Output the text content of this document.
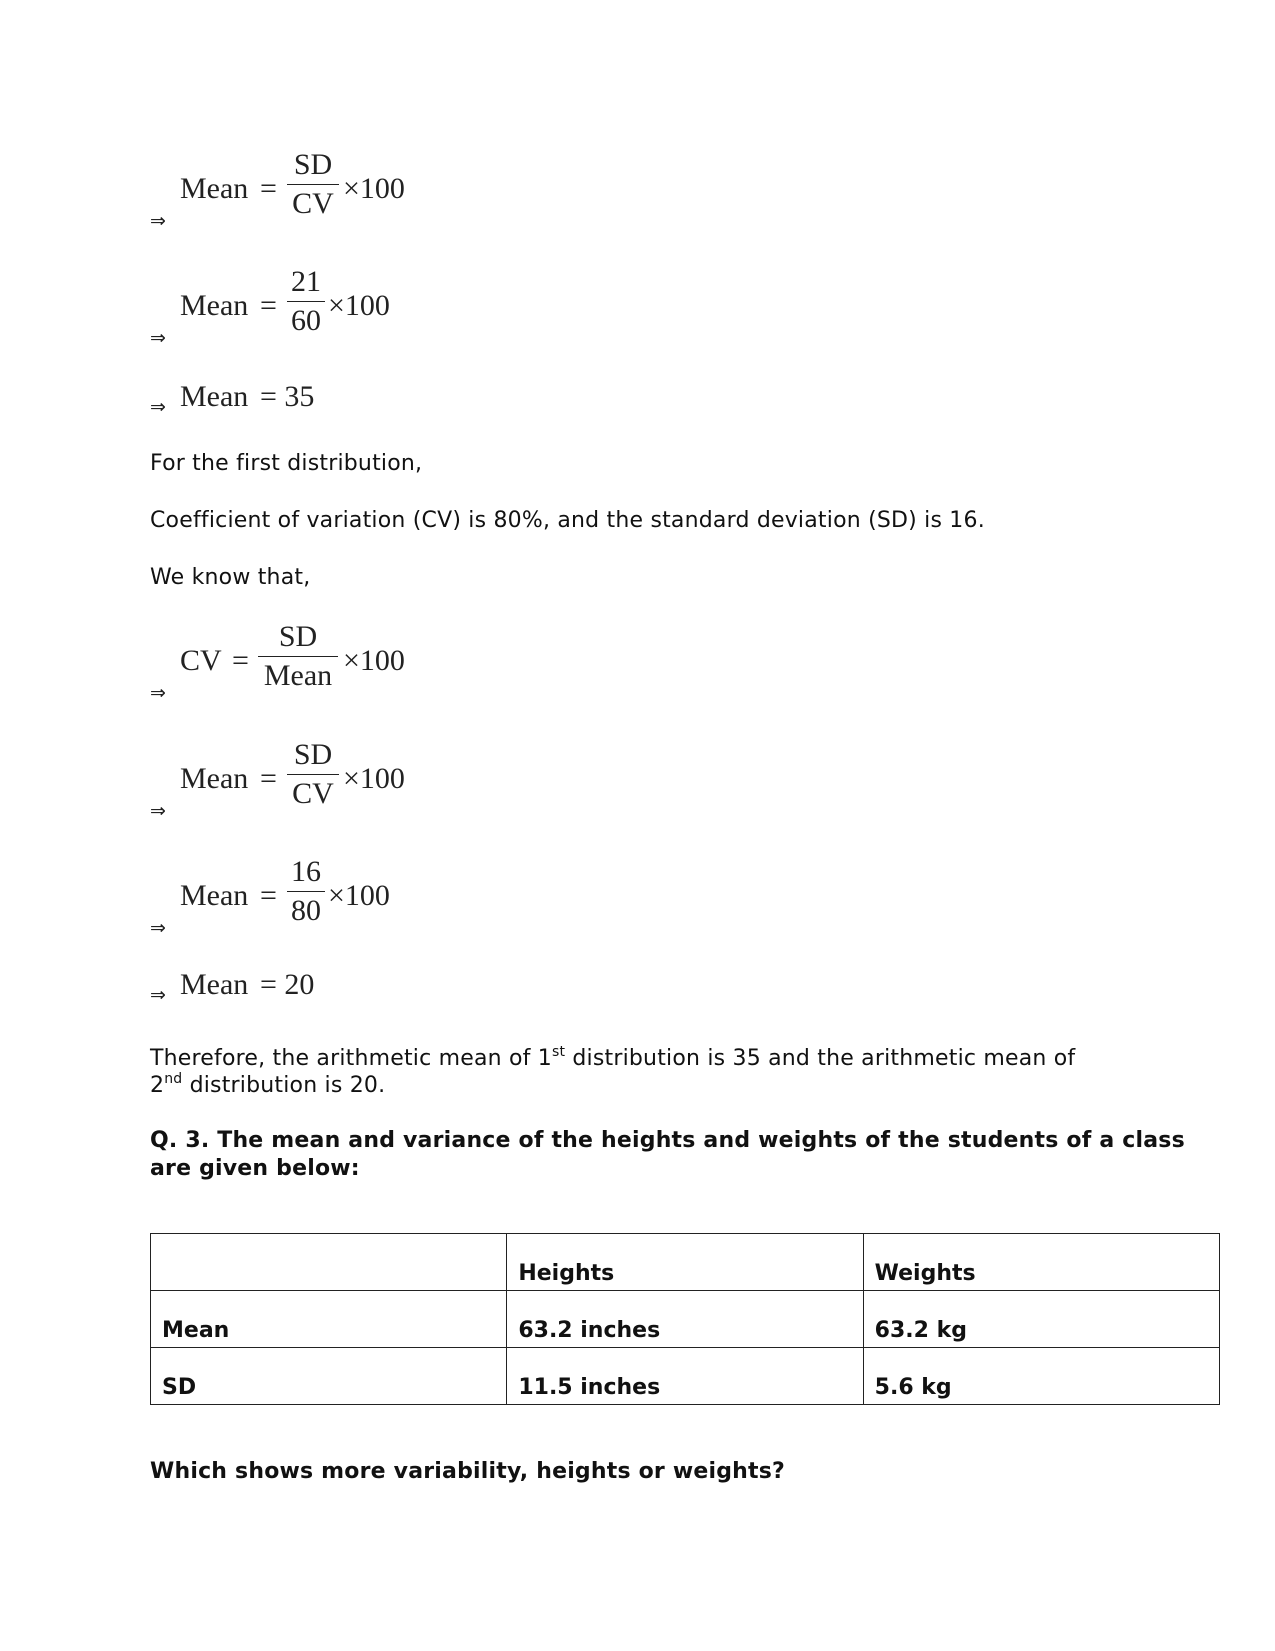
Mean =
SD
CV ×100
⇒
Mean =
21
60 ×100
⇒
⇒ Mean = 35
For the first distribution,
Coefficient of variation (CV) is 80%, and the standard deviation (SD) is 16.
We know that,
CV =
SD
Mean ×100
⇒
Mean =
SD
CV ×100
⇒
Mean =
16
80 ×100
⇒
⇒ Mean = 20
Therefore, the arithmetic mean of 1st distribution is 35 and the arithmetic mean of
2nd distribution is 20.
Q. 3. The mean and variance of the heights and weights of the students of a class
are given below:
	Heights	Weights
Mean	63.2 inches	63.2 kg
SD	11.5 inches	5.6 kg
Which shows more variability, heights or weights?
